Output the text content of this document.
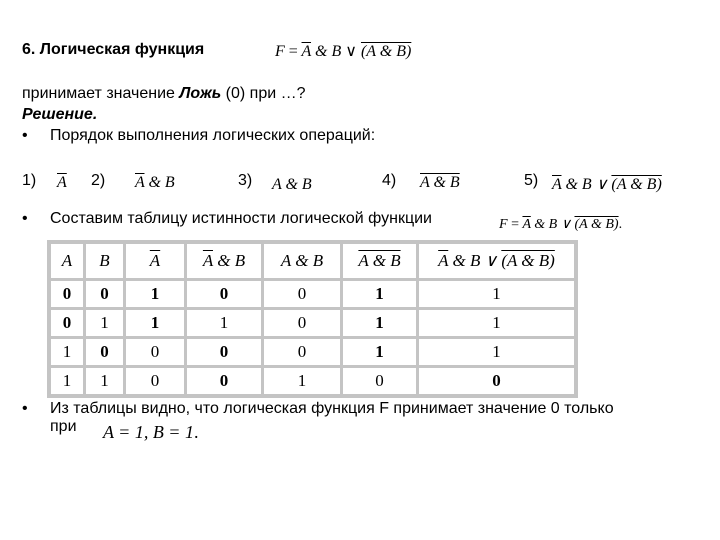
6. Логическая функция	$F = \overline{A}$ & B ∨ (A & B)
принимает значение Ложь (0) при …?
Решение.
• Порядок выполнения логических операций:
1) $\overline{A}$ 2) $\overline{A}$ & B	3) A & B	4) A & B	5) $\overline{A}$ & B ∨ (A & B)
• Составим таблицу истинности логической функции	$F = \overline{A}$ & B ∨ (A & B).
A	B	$\overline{A}$	$\overline{A}$ & B	A & B	A & B	$\overline{A}$ & B ∨ (A & B)
0	0	1	0	0	1	1
0	1	1	1	0	1	1
1	0	0	0	0	1	1
1	1	0	0	1	0	0
• Из таблицы видно, что логическая функция F принимает значение 0 только
при A = 1, B = 1.
